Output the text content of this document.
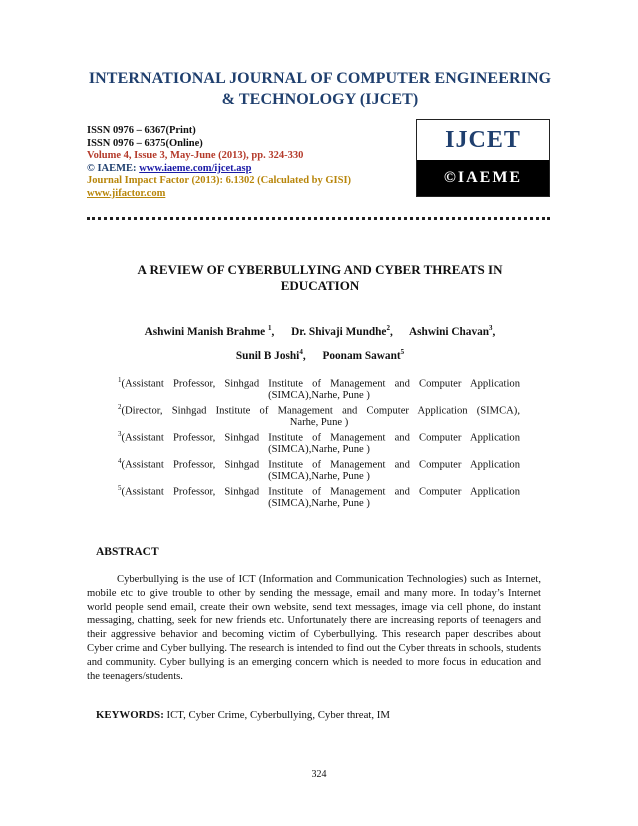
INTERNATIONAL JOURNAL OF COMPUTER ENGINEERING
& TECHNOLOGY (IJCET)
ISSN 0976 – 6367(Print)
ISSN 0976 – 6375(Online)
Volume 4, Issue 3, May-June (2013), pp. 324-330
© IAEME: www.iaeme.com/ijcet.asp
Journal Impact Factor (2013): 6.1302 (Calculated by GISI)
www.jifactor.com
IJCET
©IAEME
A REVIEW OF CYBERBULLYING AND CYBER THREATS IN
EDUCATION
Ashwini Manish Brahme $^1$, Dr. Shivaji Mundhe$^2$, Ashwini Chavan$^3$,
Sunil B Joshi$^4$, Poonam Sawant$^5$
$^1$(Assistant Professor, Sinhgad Institute of Management and Computer Application
(SIMCA),Narhe, Pune )
$^2$(Director, Sinhgad Institute of Management and Computer Application (SIMCA),
Narhe, Pune )
$^3$(Assistant Professor, Sinhgad Institute of Management and Computer Application
(SIMCA),Narhe, Pune )
$^4$(Assistant Professor, Sinhgad Institute of Management and Computer Application
(SIMCA),Narhe, Pune )
$^5$(Assistant Professor, Sinhgad Institute of Management and Computer Application
(SIMCA),Narhe, Pune )
ABSTRACT
Cyberbullying is the use of ICT (Information and Communication Technologies) such as Internet, mobile etc to give trouble to other by sending the message, email and many more. In today’s Internet world people send email, create their own website, send text messages, image via cell phone, do instant messaging, chatting, seek for new friends etc. Unfortunately there are increasing reports of teenagers and their aggressive behavior and becoming victim of Cyberbullying. This research paper describes about Cyber crime and Cyber bullying. The research is intended to find out the Cyber threats in schools, students and community. Cyber bullying is an emerging concern which is needed to more focus in education and the teenagers/students.
KEYWORDS: ICT, Cyber Crime, Cyberbullying, Cyber threat, IM
324
